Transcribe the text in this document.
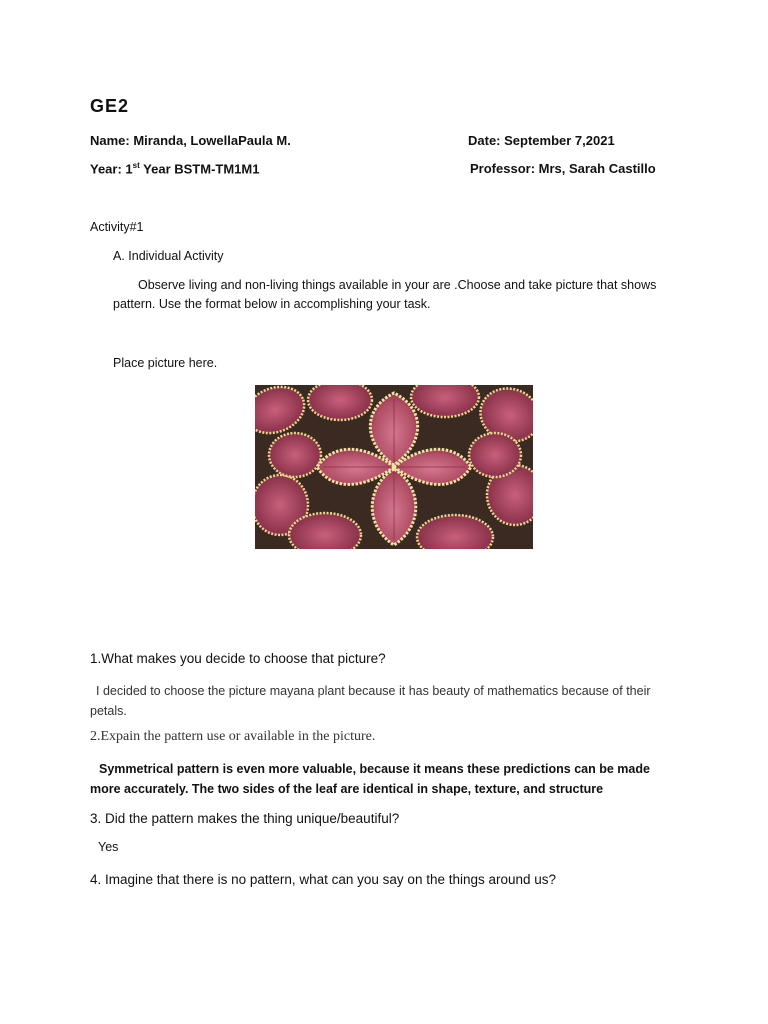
GE2
Name: Miranda, LowellaPaula M.	Date: September 7,2021
Year: 1st Year BSTM-TM1M1	Professor: Mrs, Sarah Castillo
Activity#1
A. Individual Activity
Observe living and non-living things available in your are .Choose and take picture that shows
pattern. Use the format below in accomplishing your task.
Place picture here.
1.What makes you decide to choose that picture?
I decided to choose the picture mayana plant because it has beauty of mathematics because of their petals.
2.Expain the pattern use or available in the picture.
Symmetrical pattern is even more valuable, because it means these predictions can be made more accurately. The two sides of the leaf are identical in shape, texture, and structure
3. Did the pattern makes the thing unique/beautiful?
Yes
4. Imagine that there is no pattern, what can you say on the things around us?
